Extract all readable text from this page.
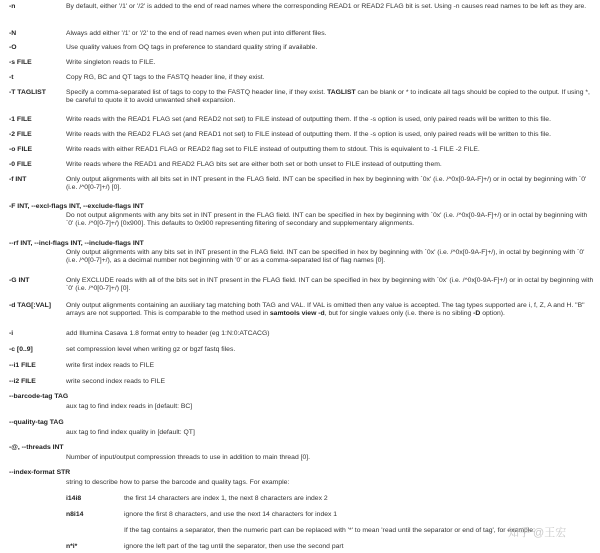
-n	By default, either '/1' or '/2' is added to the end of read names where the corresponding READ1 or READ2 FLAG bit is set. Using -n causes read names to be left as they are.
-N	Always add either '/1' or '/2' to the end of read names even when put into different files.
-O	Use quality values from OQ tags in preference to standard quality string if available.
-s FILE	Write singleton reads to FILE.
-t	Copy RG, BC and QT tags to the FASTQ header line, if they exist.
-T TAGLIST	Specify a comma-separated list of tags to copy to the FASTQ header line, if they exist. TAGLIST can be blank or * to indicate all tags should be copied to the output. If using *, be careful to quote it to avoid unwanted shell expansion.
-1 FILE	Write reads with the READ1 FLAG set (and READ2 not set) to FILE instead of outputting them. If the -s option is used, only paired reads will be written to this file.
-2 FILE	Write reads with the READ2 FLAG set (and READ1 not set) to FILE instead of outputting them. If the -s option is used, only paired reads will be written to this file.
-o FILE	Write reads with either READ1 FLAG or READ2 flag set to FILE instead of outputting them to stdout. This is equivalent to -1 FILE -2 FILE.
-0 FILE	Write reads where the READ1 and READ2 FLAG bits set are either both set or both unset to FILE instead of outputting them.
-f INT	Only output alignments with all bits set in INT present in the FLAG field. INT can be specified in hex by beginning with `0x' (i.e. /^0x[0-9A-F]+/) or in octal by beginning with `0' (i.e. /^0[0-7]+/) [0].
-F INT, --excl-flags INT, --exclude-flags INT
Do not output alignments with any bits set in INT present in the FLAG field. INT can be specified in hex by beginning with `0x' (i.e. /^0x[0-9A-F]+/) or in octal by beginning with `0' (i.e. /^0[0-7]+/) [0x900]. This defaults to 0x900 representing filtering of secondary and supplementary alignments.
--rf INT, --incl-flags INT, --include-flags INT
Only output alignments with any bits set in INT present in the FLAG field. INT can be specified in hex by beginning with `0x' (i.e. /^0x[0-9A-F]+/), in octal by beginning with `0' (i.e. /^0[0-7]+/), as a decimal number not beginning with '0' or as a comma-separated list of flag names [0].
-G INT	Only EXCLUDE reads with all of the bits set in INT present in the FLAG field. INT can be specified in hex by beginning with `0x' (i.e. /^0x[0-9A-F]+/) or in octal by beginning with `0' (i.e. /^0[0-7]+/) [0].
-d TAG[:VAL]	Only output alignments containing an auxiliary tag matching both TAG and VAL. If VAL is omitted then any value is accepted. The tag types supported are i, f, Z, A and H. "B" arrays are not supported. This is comparable to the method used in samtools view -d, but for single values only (i.e. there is no sibling -D option).
-i	add Illumina Casava 1.8 format entry to header (eg 1:N:0:ATCACG)
-c [0..9]	set compression level when writing gz or bgzf fastq files.
--i1 FILE	write first index reads to FILE
--i2 FILE	write second index reads to FILE
--barcode-tag TAG
aux tag to find index reads in [default: BC]
--quality-tag TAG
aux tag to find index quality in [default: QT]
-@, --threads INT
Number of input/output compression threads to use in addition to main thread [0].
--index-format STR
string to describe how to parse the barcode and quality tags. For example:
i14i8	the first 14 characters are index 1, the next 8 characters are index 2
n8i14	ignore the first 8 characters, and use the next 14 characters for index 1
If the tag contains a separator, then the numeric part can be replaced with '*' to mean 'read until the separator or end of tag', for example:
n*i*	ignore the left part of the tag until the separator, then use the second part
知乎 @王宏
